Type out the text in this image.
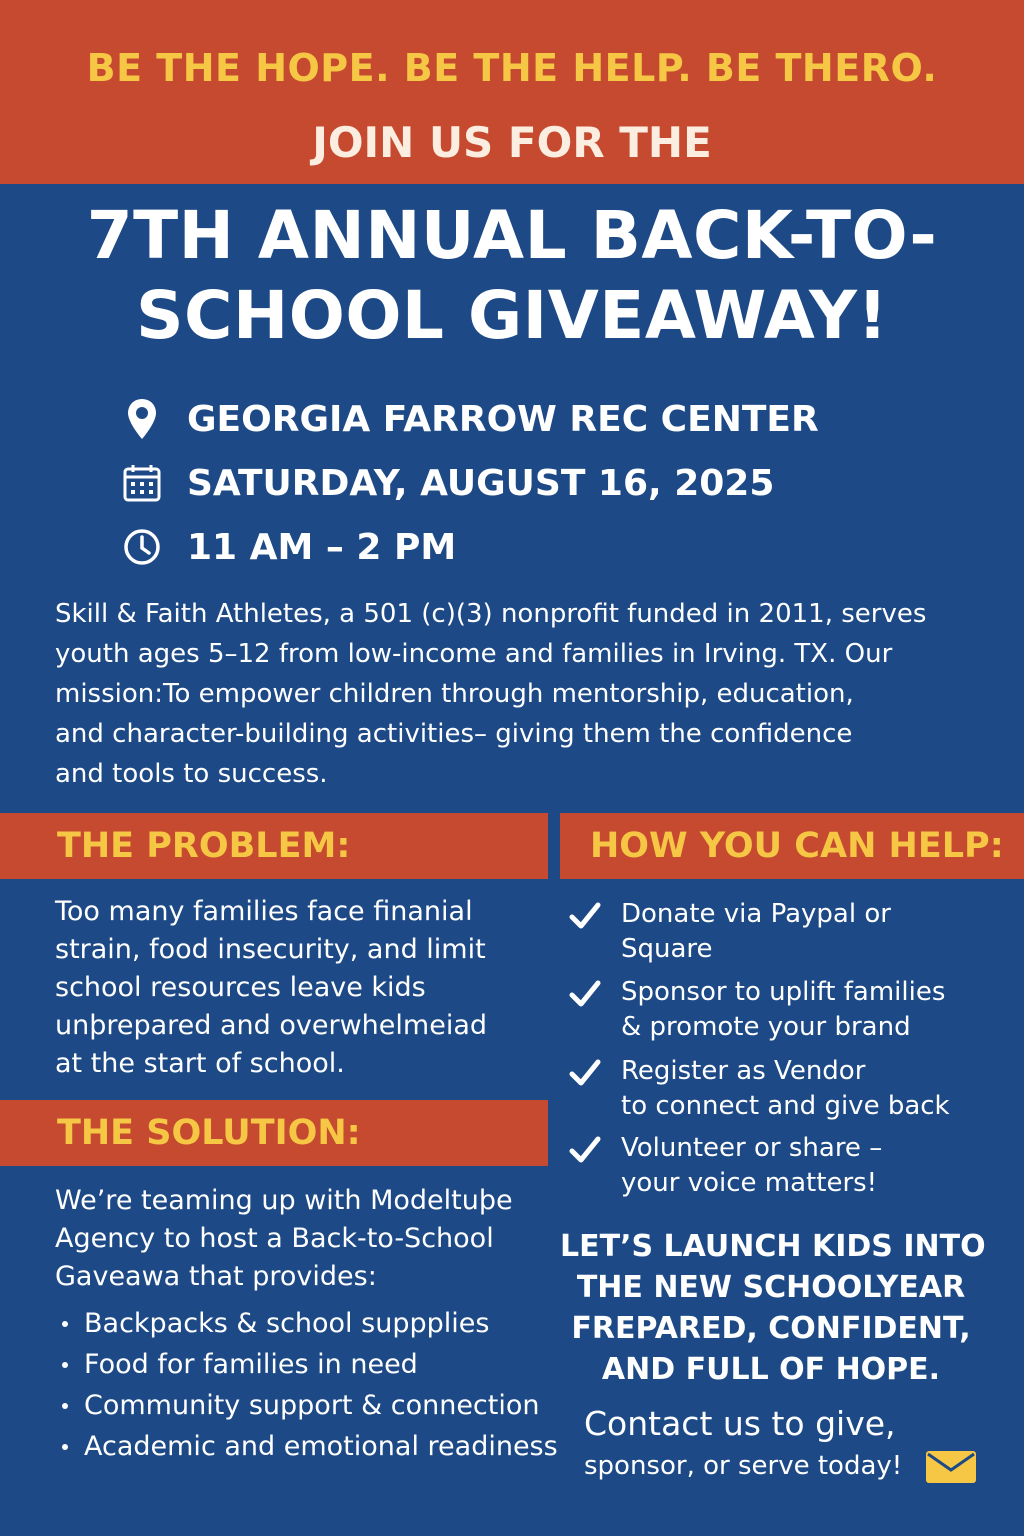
BE THE HOPE. BE THE HELP. BE THERO.
JOIN US FOR THE
7TH ANNUAL BACK-TO-
SCHOOL GIVEAWAY!
GEORGIA FARROW REC CENTER
SATURDAY, AUGUST 16, 2025
11 AM – 2 PM
Skill & Faith Athletes, a 501 (c)(3) nonprofit funded in 2011, serves
youth ages 5–12 from low-income and families in Irving. TX. Our
mission:To empower children through mentorship, education,
and character-building activities– giving them the confidence
and tools to success.
THE PROBLEM:
Too many families face finanial
strain, food insecurity, and limit
school resources leave kids
unþrepared and overwhelmeiad
at the start of school.
THE SOLUTION:
We’re teaming up with Modeltuþe
Agency to host a Back-to-School
Gaveawa that provides:
Backpacks & school suppplies
Food for families in need
Community support & connection
Academic and emotional readiness
HOW YOU CAN HELP:
Donate via Paypal or
Square
Sponsor to uplift families
& promote your brand
Register as Vendor
to connect and give back
Volunteer or share –
your voice matters!
LET’S LAUNCH KIDS INTO
THE NEW SCHOOLYEAR
FREPARED, CONFIDENT,
AND FULL OF HOPE.
Contact us to give,
sponsor, or serve today!
